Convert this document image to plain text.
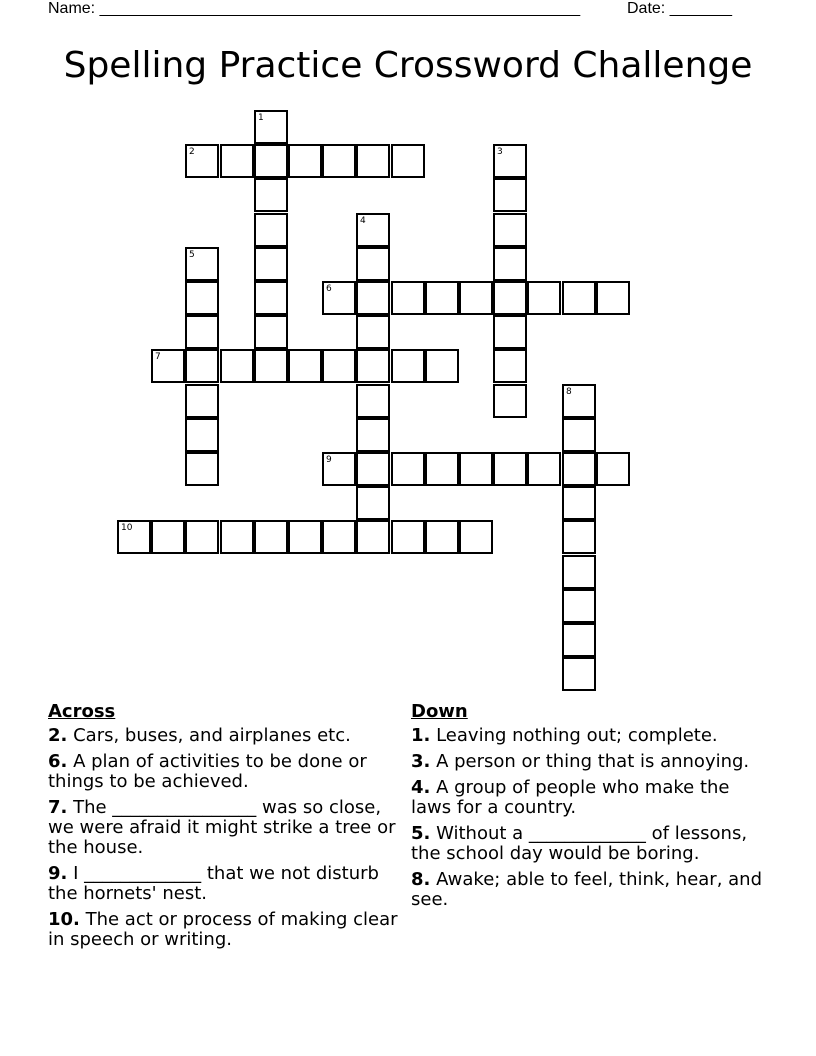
Name: ______________________________________________________	Date: _______
Spelling Practice Crossword Challenge
1
2	3
4
5
6
7
8
9
10
Across
2. Cars, buses, and airplanes etc.
6. A plan of activities to be done or things to be achieved.
7. The ________________ was so close, we were afraid it might strike a tree or the house.
9. I _____________ that we not disturb the hornets' nest.
10. The act or process of making clear in speech or writing.
Down
1. Leaving nothing out; complete.
3. A person or thing that is annoying.
4. A group of people who make the laws for a country.
5. Without a _____________ of lessons, the school day would be boring.
8. Awake; able to feel, think, hear, and see.
